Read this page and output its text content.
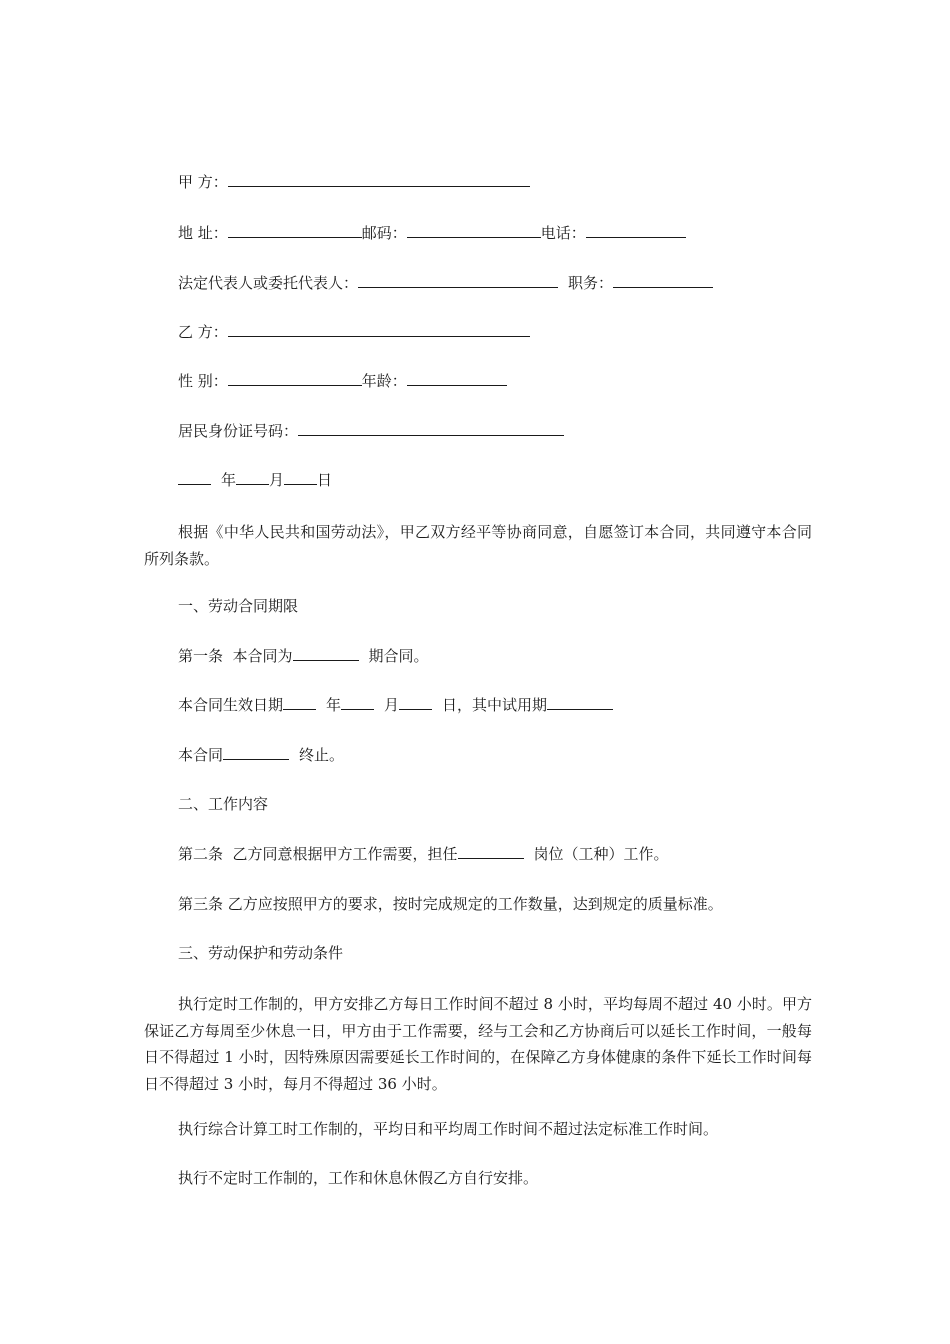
甲 方：
地 址：	邮码：	电话：
法定代表人或委托代表人：	职务：
乙 方：
性 别：	年龄：
居民身份证号码：
年 月 日
根据《中华人民共和国劳动法》，甲乙双方经平等协商同意，自愿签订本合同，共同遵守本合同所列条款。
一、劳动合同期限
第一条  本合同为	期合同。
本合同生效日期	年	月	日，其中试用期
本合同	终止。
二、工作内容
第二条  乙方同意根据甲方工作需要，担任	岗位（工种）工作。
第三条 乙方应按照甲方的要求，按时完成规定的工作数量，达到规定的质量标准。
三、劳动保护和劳动条件
执行定时工作制的，甲方安排乙方每日工作时间不超过 8 小时，平均每周不超过 40 小时。甲方保证乙方每周至少休息一日，甲方由于工作需要，经与工会和乙方协商后可以延长工作时间，一般每日不得超过 1 小时，因特殊原因需要延长工作时间的，在保障乙方身体健康的条件下延长工作时间每日不得超过 3 小时，每月不得超过 36 小时。
执行综合计算工时工作制的，平均日和平均周工作时间不超过法定标准工作时间。
执行不定时工作制的，工作和休息休假乙方自行安排。
